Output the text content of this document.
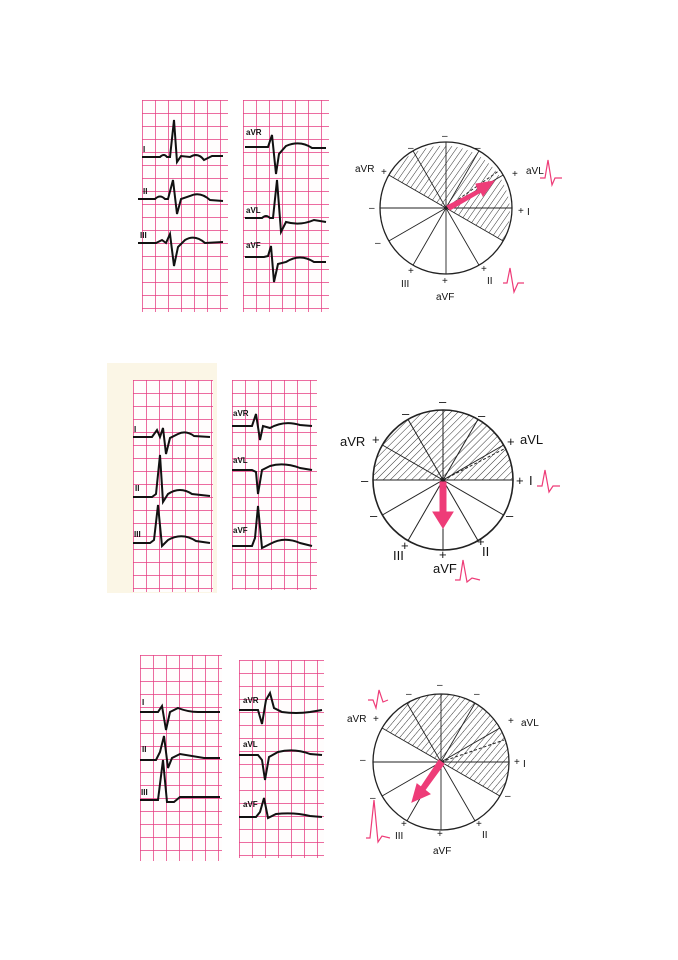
I
II
III
aVR
aVL
aVF
aVR	aVL
I
II
III
aVF
+	+
+
+
+
+
–
–
–	–
–
I
II
III
aVR
aVL
aVF
aVR	aVL
I
II
III
aVF
+	+
+
+
+
+
–
–
–	–
–	–
I
II
III
aVR
aVL
aVF
aVR	aVL
I
II
III
aVF
+	+
+
+
+
+
–
–
–	–
–	–
